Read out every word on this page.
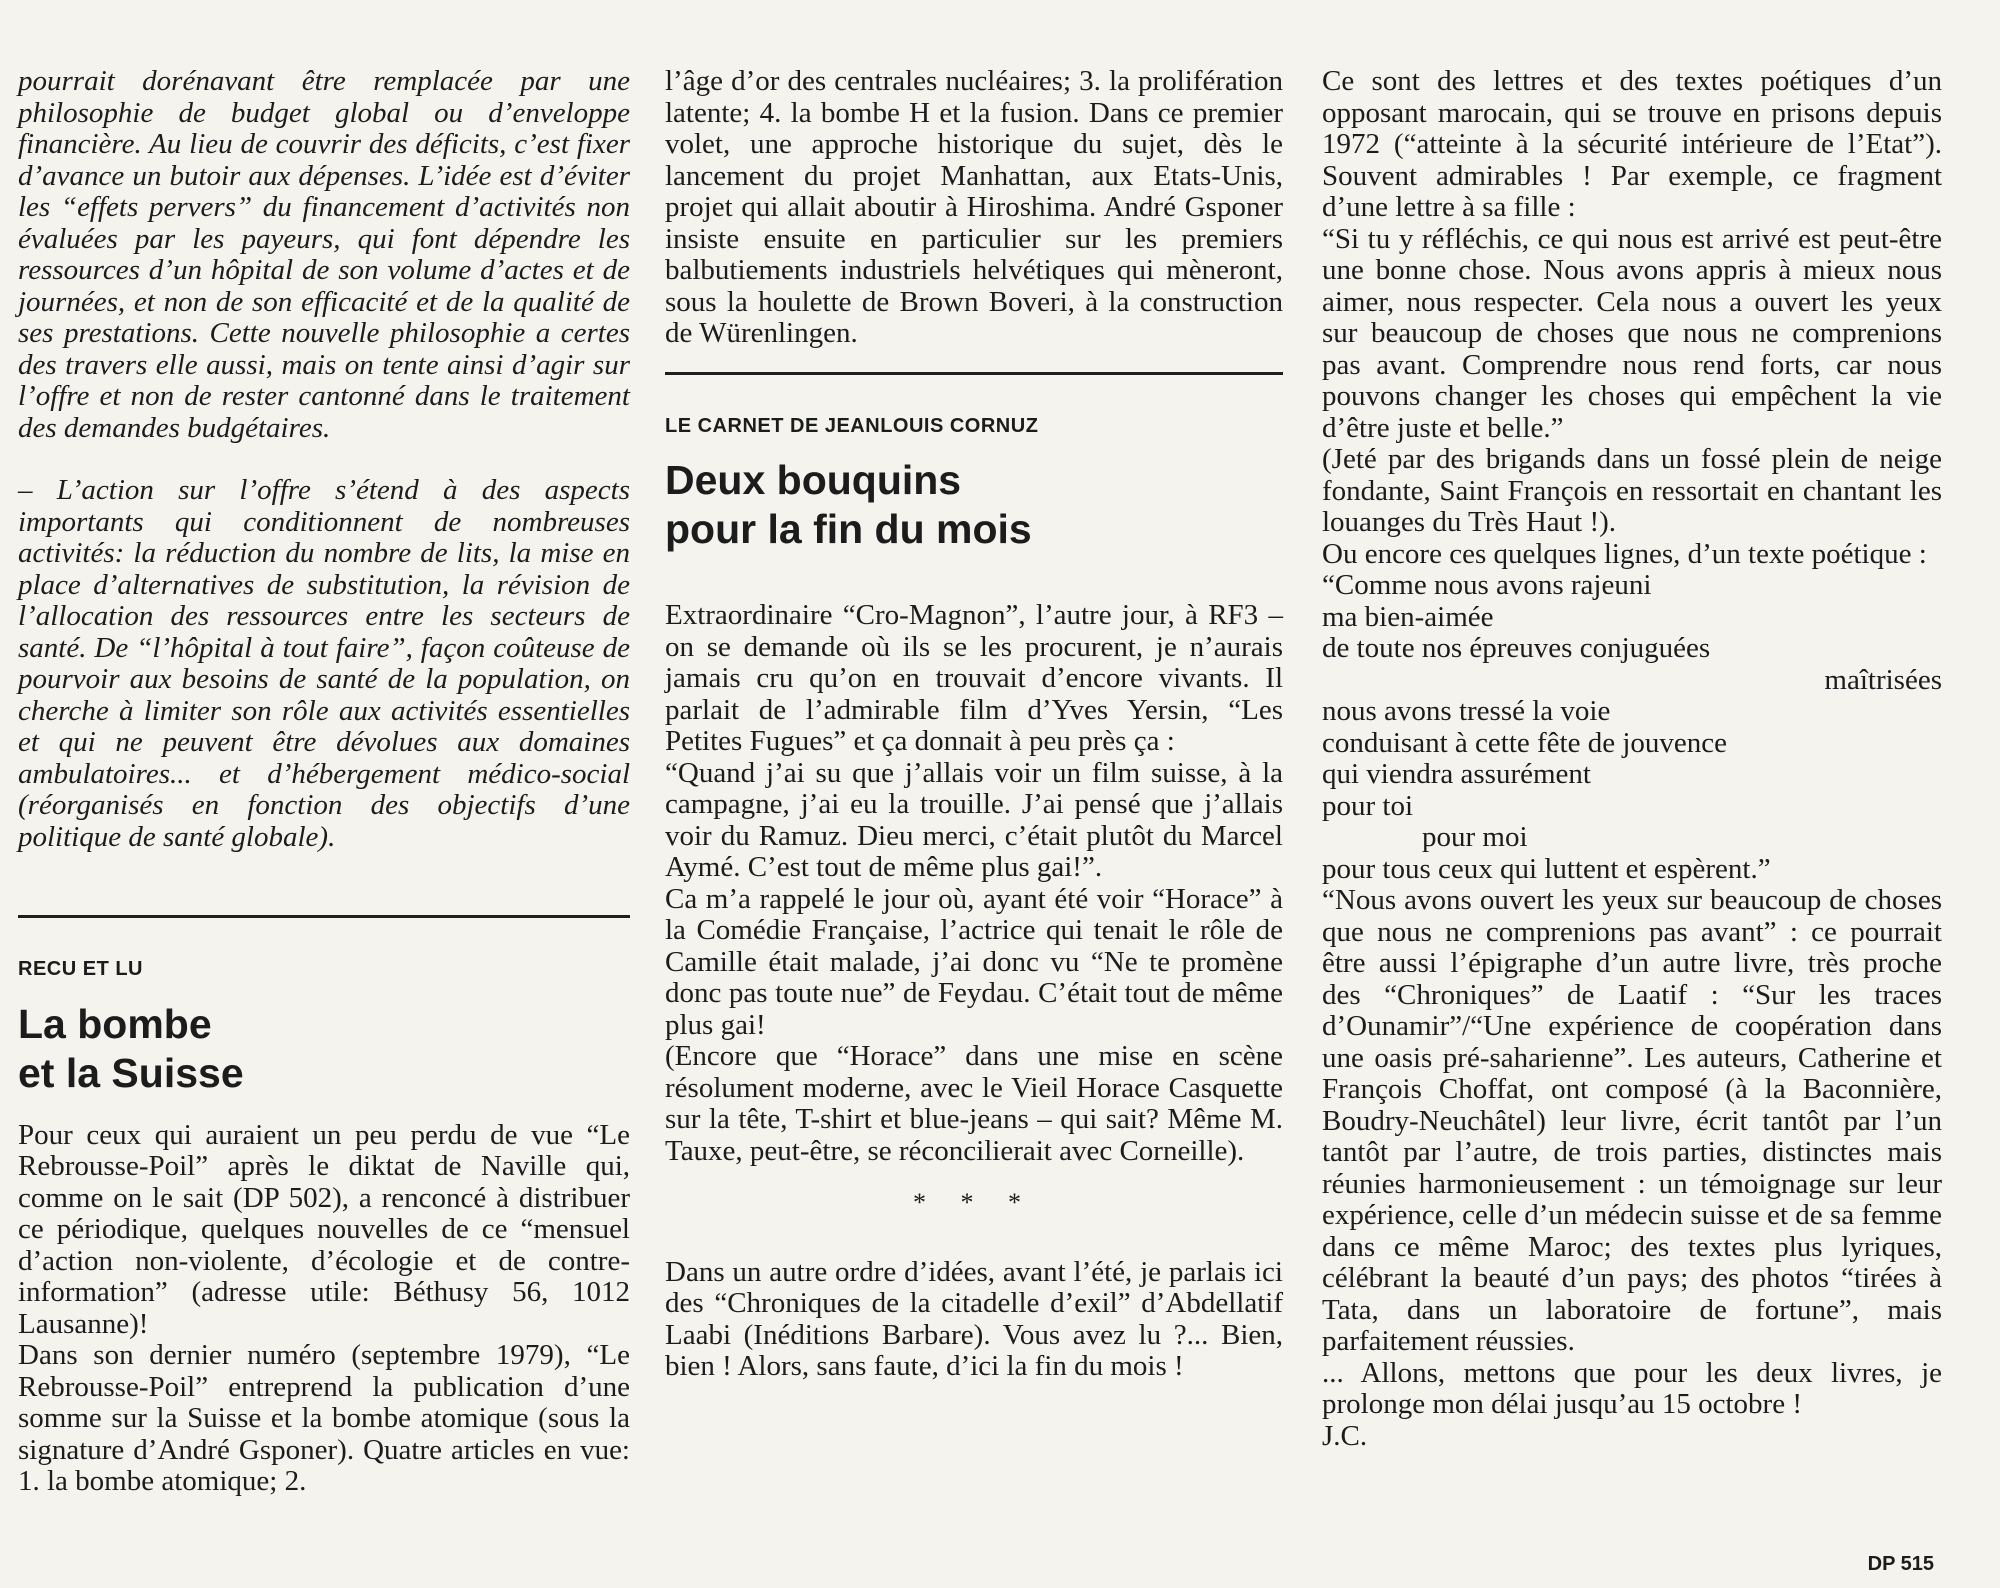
pourrait dorénavant être remplacée par une philosophie de budget global ou d’enveloppe financière. Au lieu de couvrir des déficits, c’est fixer d’avance un butoir aux dépenses. L’idée est d’éviter les “effets pervers” du financement d’activités non évaluées par les payeurs, qui font dépendre les ressources d’un hôpital de son volume d’actes et de journées, et non de son efficacité et de la qualité de ses prestations. Cette nouvelle philosophie a certes des travers elle aussi, mais on tente ainsi d’agir sur l’offre et non de rester cantonné dans le traitement des demandes budgétaires.

– L’action sur l’offre s’étend à des aspects importants qui conditionnent de nombreuses activités: la réduction du nombre de lits, la mise en place d’alternatives de substitution, la révision de l’allocation des ressources entre les secteurs de santé. De “l’hôpital à tout faire”, façon coûteuse de pourvoir aux besoins de santé de la population, on cherche à limiter son rôle aux activités essentielles et qui ne peuvent être dévolues aux domaines ambulatoires... et d’hébergement médico-social (réorganisés en fonction des objectifs d’une politique de santé globale).

RECU ET LU
La bombe
et la Suisse

Pour ceux qui auraient un peu perdu de vue “Le Rebrousse-Poil” après le diktat de Naville qui, comme on le sait (DP 502), a renconcé à distribuer ce périodique, quelques nouvelles de ce “mensuel d’action non-violente, d’écologie et de contre-information” (adresse utile: Béthusy 56, 1012 Lausanne)!

Dans son dernier numéro (septembre 1979), “Le Rebrousse-Poil” entreprend la publication d’une somme sur la Suisse et la bombe atomique (sous la signature d’André Gsponer). Quatre articles en vue: 1. la bombe atomique; 2.

l’âge d’or des centrales nucléaires; 3. la prolifération latente; 4. la bombe H et la fusion. Dans ce premier volet, une approche historique du sujet, dès le lancement du projet Manhattan, aux Etats-Unis, projet qui allait aboutir à Hiroshima. André Gsponer insiste ensuite en particulier sur les premiers balbutiements industriels helvétiques qui mèneront, sous la houlette de Brown Boveri, à la construction de Würenlingen.

LE CARNET DE JEANLOUIS CORNUZ
Deux bouquins
pour la fin du mois

Extraordinaire “Cro-Magnon”, l’autre jour, à RF3 – on se demande où ils se les procurent, je n’aurais jamais cru qu’on en trouvait d’encore vivants. Il parlait de l’admirable film d’Yves Yersin, “Les Petites Fugues” et ça donnait à peu près ça :

“Quand j’ai su que j’allais voir un film suisse, à la campagne, j’ai eu la trouille. J’ai pensé que j’allais voir du Ramuz. Dieu merci, c’était plutôt du Marcel Aymé. C’est tout de même plus gai!”.

Ca m’a rappelé le jour où, ayant été voir “Horace” à la Comédie Française, l’actrice qui tenait le rôle de Camille était malade, j’ai donc vu “Ne te promène donc pas toute nue” de Feydau. C’était tout de même plus gai!

(Encore que “Horace” dans une mise en scène résolument moderne, avec le Vieil Horace Casquette sur la tête, T-shirt et blue-jeans – qui sait? Même M. Tauxe, peut-être, se réconcilierait avec Corneille).

* * *

Dans un autre ordre d’idées, avant l’été, je parlais ici des “Chroniques de la citadelle d’exil” d’Abdellatif Laabi (Inéditions Barbare). Vous avez lu ?... Bien, bien ! Alors, sans faute, d’ici la fin du mois !

Ce sont des lettres et des textes poétiques d’un opposant marocain, qui se trouve en prisons depuis 1972 (“atteinte à la sécurité intérieure de l’Etat”). Souvent admirables ! Par exemple, ce fragment d’une lettre à sa fille :

“Si tu y réfléchis, ce qui nous est arrivé est peut-être une bonne chose. Nous avons appris à mieux nous aimer, nous respecter. Cela nous a ouvert les yeux sur beaucoup de choses que nous ne comprenions pas avant. Comprendre nous rend forts, car nous pouvons changer les choses qui empêchent la vie d’être juste et belle.”

(Jeté par des brigands dans un fossé plein de neige fondante, Saint François en ressortait en chantant les louanges du Très Haut !).

Ou encore ces quelques lignes, d’un texte poétique :

“Comme nous avons rajeuni

ma bien-aimée

de toute nos épreuves conjuguées

maîtrisées

nous avons tressé la voie

conduisant à cette fête de jouvence

qui viendra assurément

pour toi

pour moi

pour tous ceux qui luttent et espèrent.”

“Nous avons ouvert les yeux sur beaucoup de choses que nous ne comprenions pas avant” : ce pourrait être aussi l’épigraphe d’un autre livre, très proche des “Chroniques” de Laatif : “Sur les traces d’Ounamir”/“Une expérience de coopération dans une oasis pré-saharienne”. Les auteurs, Catherine et François Choffat, ont composé (à la Baconnière, Boudry-Neuchâtel) leur livre, écrit tantôt par l’un tantôt par l’autre, de trois parties, distinctes mais réunies harmonieusement : un témoignage sur leur expérience, celle d’un médecin suisse et de sa femme dans ce même Maroc; des textes plus lyriques, célébrant la beauté d’un pays; des photos “tirées à Tata, dans un laboratoire de fortune”, mais parfaitement réussies.

... Allons, mettons que pour les deux livres, je prolonge mon délai jusqu’au 15 octobre !

J.C.

DP 515
